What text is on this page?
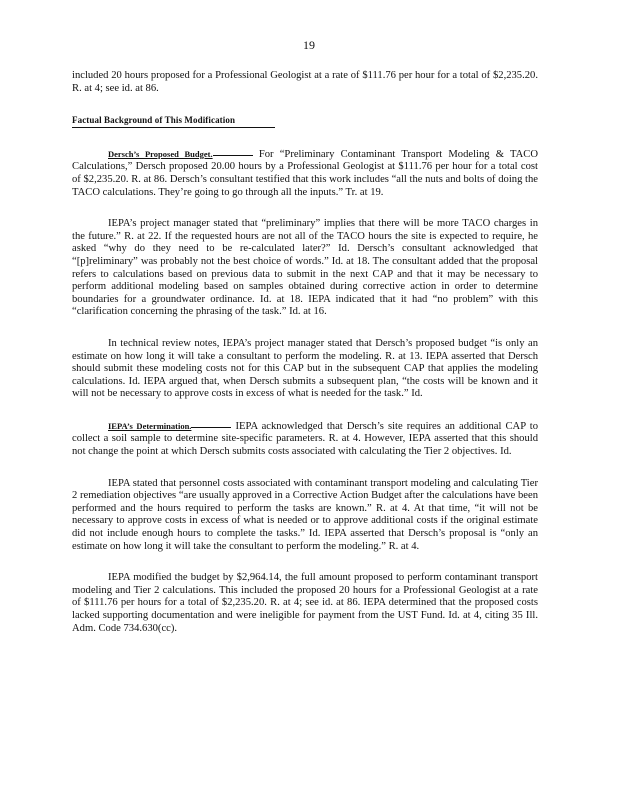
19

included 20 hours proposed for a Professional Geologist at a rate of $111.76 per hour for a total of $2,235.20. R. at 4; see id. at 86.

Factual Background of This Modification

Dersch’s Proposed Budget.	For “Preliminary Contaminant Transport Modeling & TACO Calculations,” Dersch proposed 20.00 hours by a Professional Geologist at $111.76 per hour for a total cost of $2,235.20. R. at 86. Dersch’s consultant testified that this work includes “all the nuts and bolts of doing the TACO calculations. They’re going to go through all the inputs.” Tr. at 19.

IEPA’s project manager stated that “preliminary” implies that there will be more TACO charges in the future.” R. at 22. If the requested hours are not all of the TACO hours the site is expected to require, he asked “why do they need to be re-calculated later?” Id. Dersch’s consultant acknowledged that “[p]reliminary” was probably not the best choice of words.” Id. at 18. The consultant added that the proposal refers to calculations based on previous data to submit in the next CAP and that it may be necessary to perform additional modeling based on samples obtained during corrective action in order to determine boundaries for a groundwater ordinance. Id. at 18. IEPA indicated that it had “no problem” with this “clarification concerning the phrasing of the task.” Id. at 16.

In technical review notes, IEPA’s project manager stated that Dersch’s proposed budget “is only an estimate on how long it will take a consultant to perform the modeling. R. at 13. IEPA asserted that Dersch should submit these modeling costs not for this CAP but in the subsequent CAP that applies the modeling calculations. Id. IEPA argued that, when Dersch submits a subsequent plan, “the costs will be known and it will not be necessary to approve costs in excess of what is needed for the task.” Id.

IEPA’s Determination.	IEPA acknowledged that Dersch’s site requires an additional CAP to collect a soil sample to determine site-specific parameters. R. at 4. However, IEPA asserted that this should not change the point at which Dersch submits costs associated with calculating the Tier 2 objectives. Id.

IEPA stated that personnel costs associated with contaminant transport modeling and calculating Tier 2 remediation objectives “are usually approved in a Corrective Action Budget after the calculations have been performed and the hours required to perform the tasks are known.” R. at 4. At that time, “it will not be necessary to approve costs in excess of what is needed or to approve additional costs if the original estimate did not include enough hours to complete the tasks.” Id. IEPA asserted that Dersch’s proposal is “only an estimate on how long it will take the consultant to perform the modeling.” R. at 4.

IEPA modified the budget by $2,964.14, the full amount proposed to perform contaminant transport modeling and Tier 2 calculations. This included the proposed 20 hours for a Professional Geologist at a rate of $111.76 per hours for a total of $2,235.20. R. at 4; see id. at 86. IEPA determined that the proposed costs lacked supporting documentation and were ineligible for payment from the UST Fund. Id. at 4, citing 35 Ill. Adm. Code 734.630(cc).
